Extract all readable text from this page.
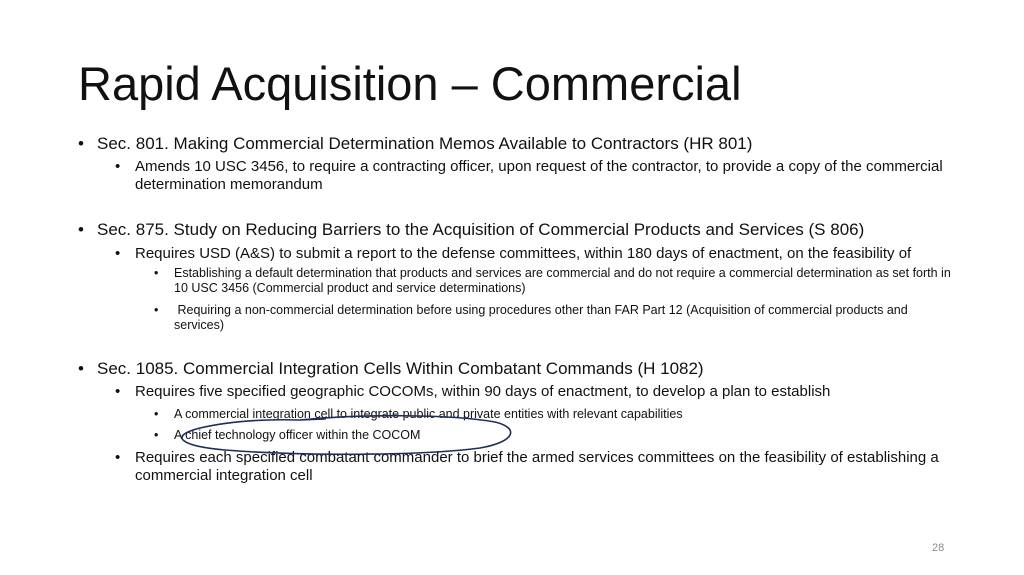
Rapid Acquisition – Commercial
• Sec. 801. Making Commercial Determination Memos Available to Contractors (HR 801)
• Amends 10 USC 3456, to require a contracting officer, upon request of the contractor, to provide a copy of the commercial determination memorandum
• Sec. 875. Study on Reducing Barriers to the Acquisition of Commercial Products and Services (S 806)
• Requires USD (A&S) to submit a report to the defense committees, within 180 days of enactment, on the feasibility of
• Establishing a default determination that products and services are commercial and do not require a commercial determination as set forth in 10 USC 3456 (Commercial product and service determinations)
•  Requiring a non-commercial determination before using procedures other than FAR Part 12 (Acquisition of commercial products and services)
• Sec. 1085. Commercial Integration Cells Within Combatant Commands (H 1082)
• Requires five specified geographic COCOMs, within 90 days of enactment, to develop a plan to establish
• A commercial integration cell to integrate public and private entities with relevant capabilities
• A chief technology officer within the COCOM
• Requires each specified combatant commander to brief the armed services committees on the feasibility of establishing a commercial integration cell
28
